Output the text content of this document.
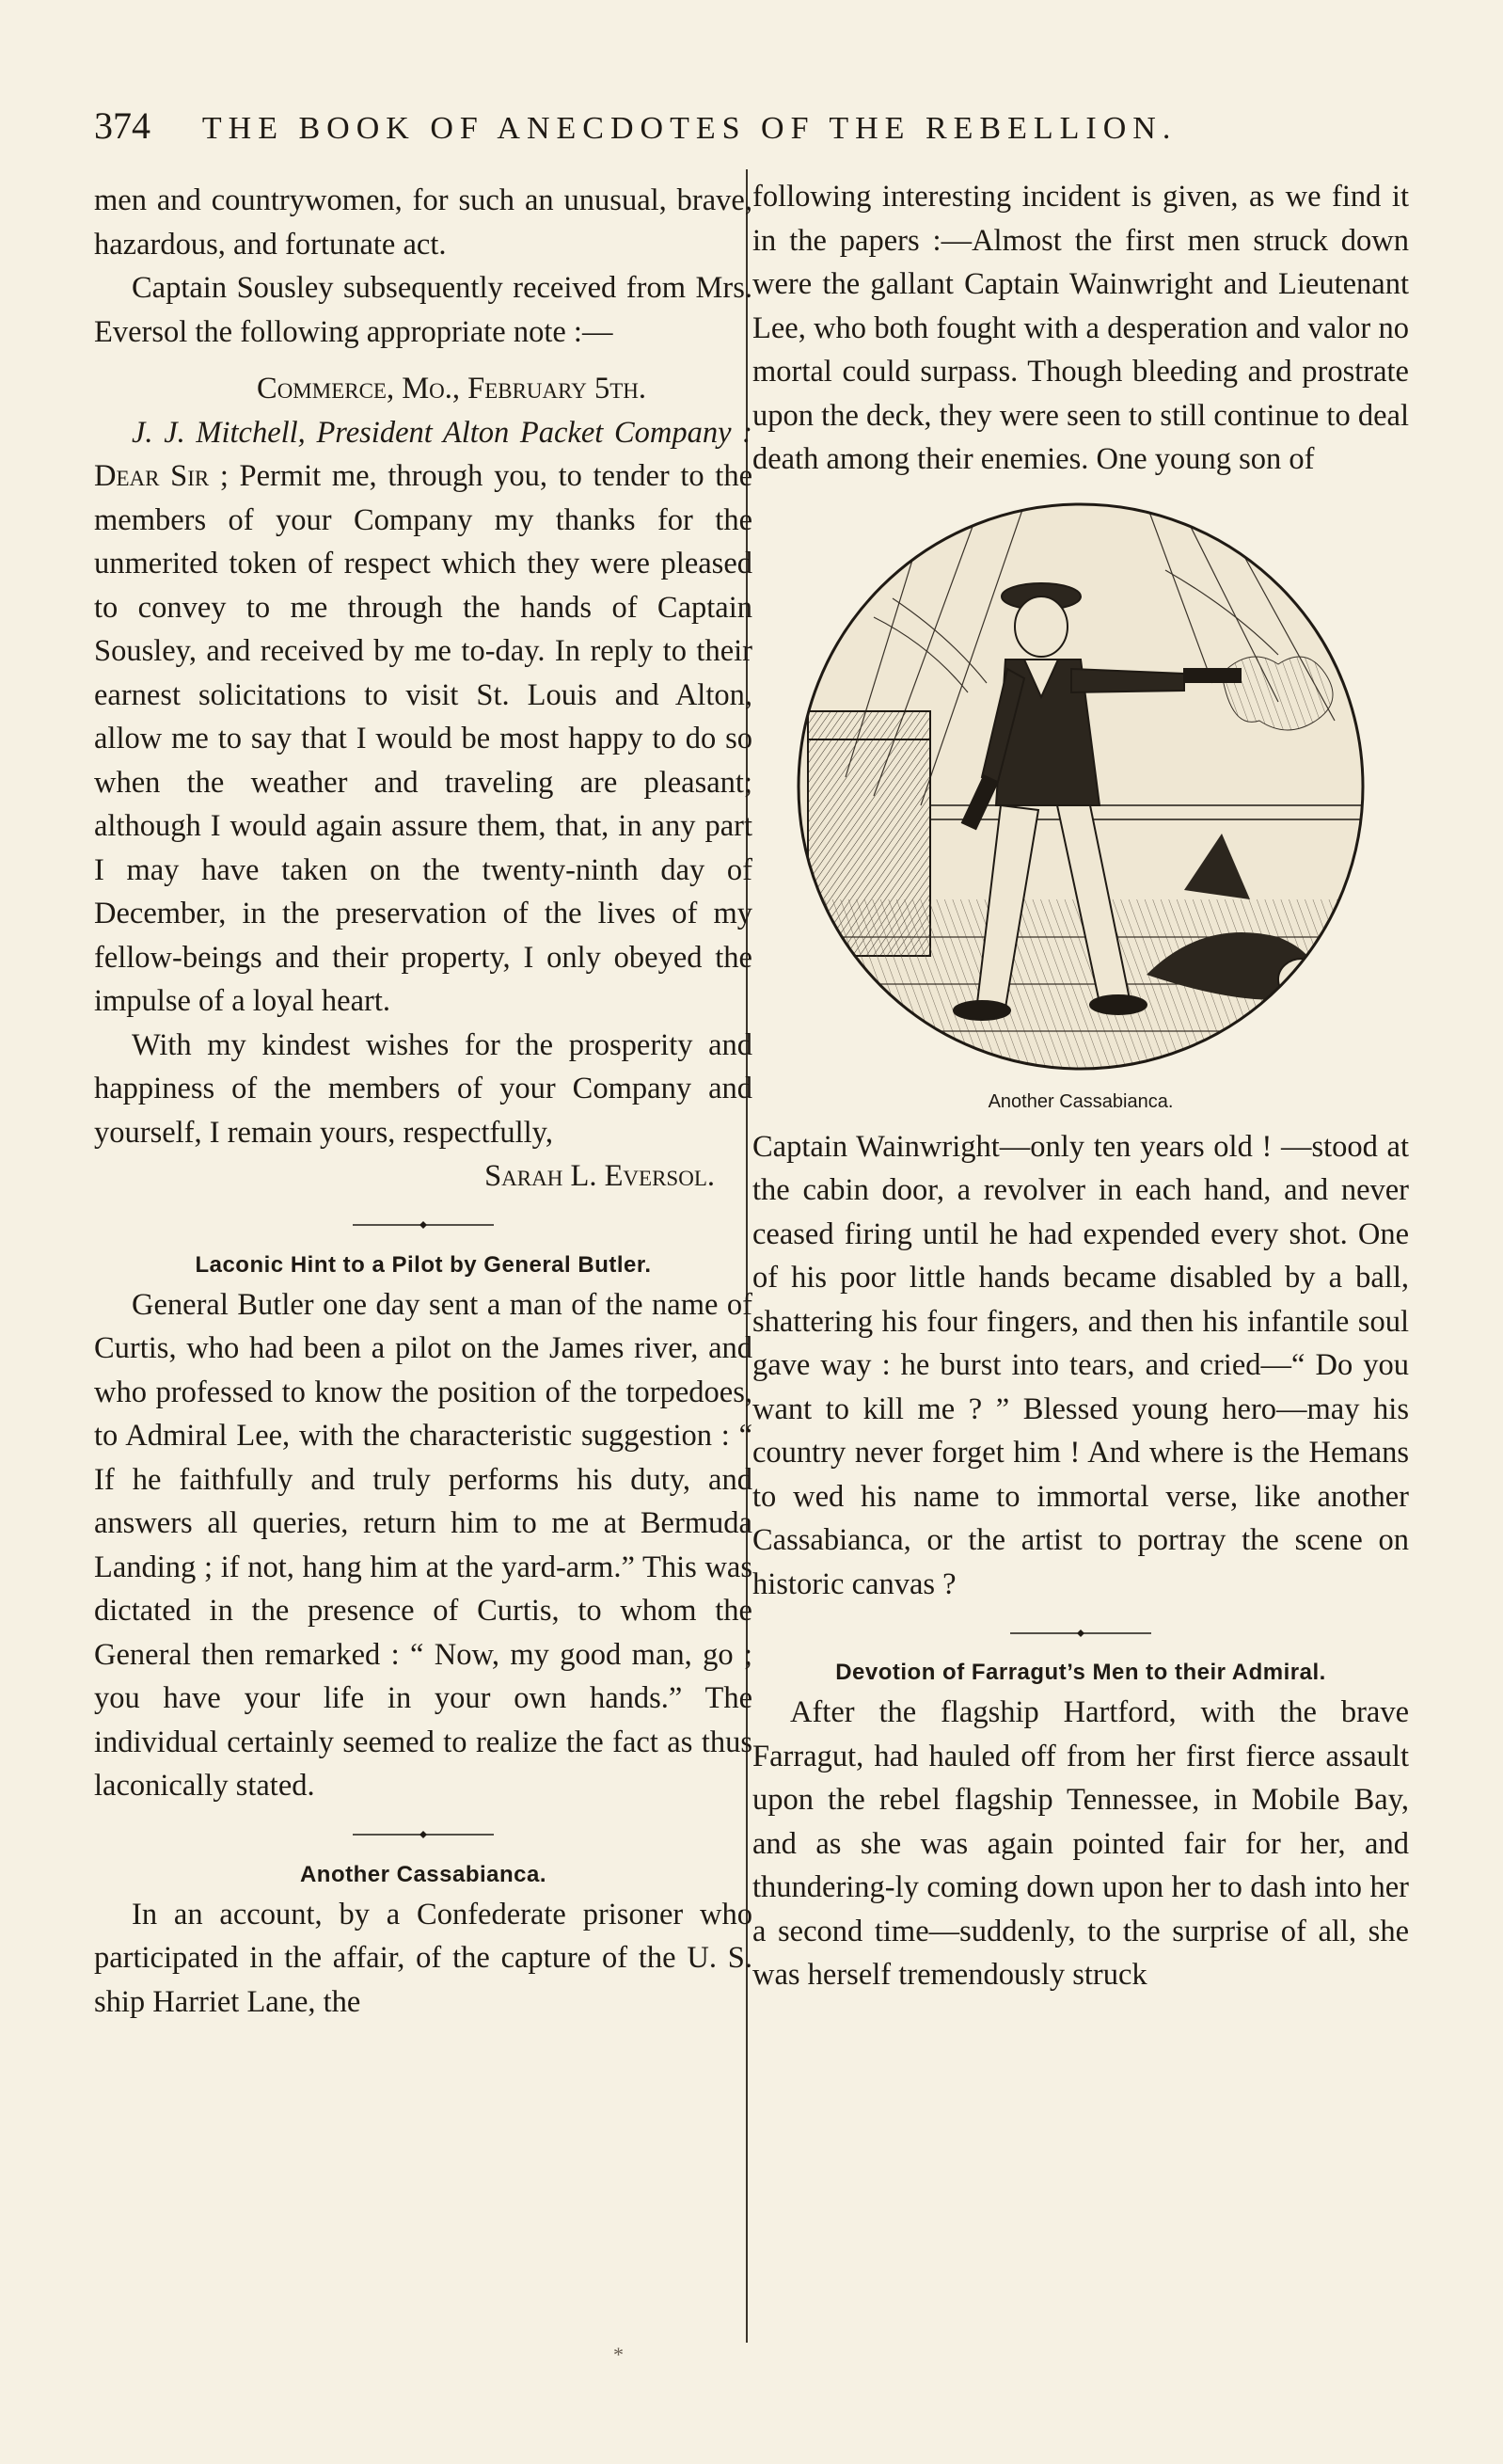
374 THE BOOK OF ANECDOTES OF THE REBELLION.

men and countrywomen, for such an unusual, brave, hazardous, and fortunate act.

Captain Sousley subsequently received from Mrs. Eversol the following appropriate note :—

Commerce, Mo., February 5th.

J. J. Mitchell, President Alton Packet Company : Dear Sir ; Permit me, through you, to tender to the members of your Company my thanks for the unmerited token of respect which they were pleased to convey to me through the hands of Captain Sousley, and received by me to-day. In reply to their earnest solicitations to visit St. Louis and Alton, allow me to say that I would be most happy to do so when the weather and traveling are pleasant; although I would again assure them, that, in any part I may have taken on the twenty-ninth day of December, in the preservation of the lives of my fellow-beings and their property, I only obeyed the impulse of a loyal heart.

With my kindest wishes for the prosperity and happiness of the members of your Company and yourself, I remain yours, respectfully,

Sarah L. Eversol.

Laconic Hint to a Pilot by General Butler.

General Butler one day sent a man of the name of Curtis, who had been a pilot on the James river, and who professed to know the position of the torpedoes, to Admiral Lee, with the characteristic suggestion : “ If he faithfully and truly performs his duty, and answers all queries, return him to me at Bermuda Landing ; if not, hang him at the yard-arm.” This was dictated in the presence of Curtis, to whom the General then remarked : “ Now, my good man, go ; you have your life in your own hands.” The individual certainly seemed to realize the fact as thus laconically stated.

Another Cassabianca.

In an account, by a Confederate prisoner who participated in the affair, of the capture of the U. S. ship Harriet Lane, the

following interesting incident is given, as we find it in the papers :—Almost the first men struck down were the gallant Captain Wainwright and Lieutenant Lee, who both fought with a desperation and valor no mortal could surpass. Though bleeding and prostrate upon the deck, they were seen to still continue to deal death among their enemies. One young son of

Another Cassabianca.

Captain Wainwright—only ten years old ! —stood at the cabin door, a revolver in each hand, and never ceased firing until he had expended every shot. One of his poor little hands became disabled by a ball, shattering his four fingers, and then his infantile soul gave way : he burst into tears, and cried—“ Do you want to kill me ? ” Blessed young hero—may his country never forget him ! And where is the Hemans to wed his name to immortal verse, like another Cassabianca, or the artist to portray the scene on historic canvas ?

Devotion of Farragut’s Men to their Admiral.

After the flagship Hartford, with the brave Farragut, had hauled off from her first fierce assault upon the rebel flagship Tennessee, in Mobile Bay, and as she was again pointed fair for her, and thundering-ly coming down upon her to dash into her a second time—suddenly, to the surprise of all, she was herself tremendously struck

*
